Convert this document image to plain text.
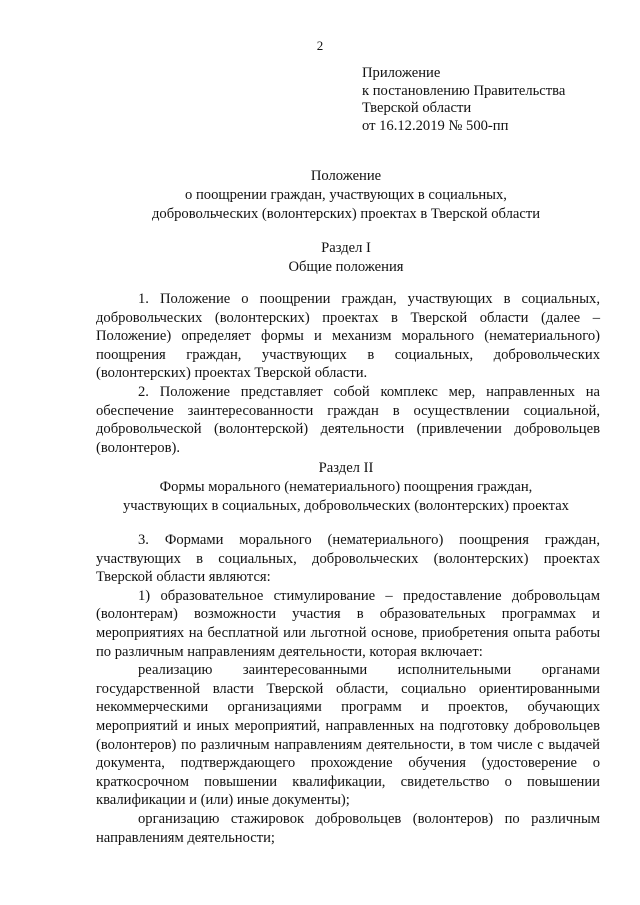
2
Приложение
к постановлению Правительства
Тверской области
от 16.12.2019 № 500-пп
Положение
о поощрении граждан, участвующих в социальных,
добровольческих (волонтерских) проектах в Тверской области
Раздел I
Общие положения

1. Положение о поощрении граждан, участвующих в социальных, добровольческих (волонтерских) проектах в Тверской области (далее – Положение) определяет формы и механизм морального (нематериального) поощрения граждан, участвующих в социальных, добровольческих (волонтерских) проектах Тверской области.

2. Положение представляет собой комплекс мер, направленных на обеспечение заинтересованности граждан в осуществлении социальной, добровольческой (волонтерской) деятельности (привлечении добровольцев (волонтеров).

Раздел II
Формы морального (нематериального) поощрения граждан,
участвующих в социальных, добровольческих (волонтерских) проектах

3. Формами морального (нематериального) поощрения граждан, участвующих в социальных, добровольческих (волонтерских) проектах Тверской области являются:

1) образовательное стимулирование – предоставление добровольцам (волонтерам) возможности участия в образовательных программах и мероприятиях на бесплатной или льготной основе, приобретения опыта работы по различным направлениям деятельности, которая включает:

реализацию заинтересованными исполнительными органами государственной власти Тверской области, социально ориентированными некоммерческими организациями программ и проектов, обучающих мероприятий и иных мероприятий, направленных на подготовку добровольцев (волонтеров) по различным направлениям деятельности, в том числе с выдачей документа, подтверждающего прохождение обучения (удостоверение о краткосрочном повышении квалификации, свидетельство о повышении квалификации и (или) иные документы);

организацию стажировок добровольцев (волонтеров) по различным направлениям деятельности;
